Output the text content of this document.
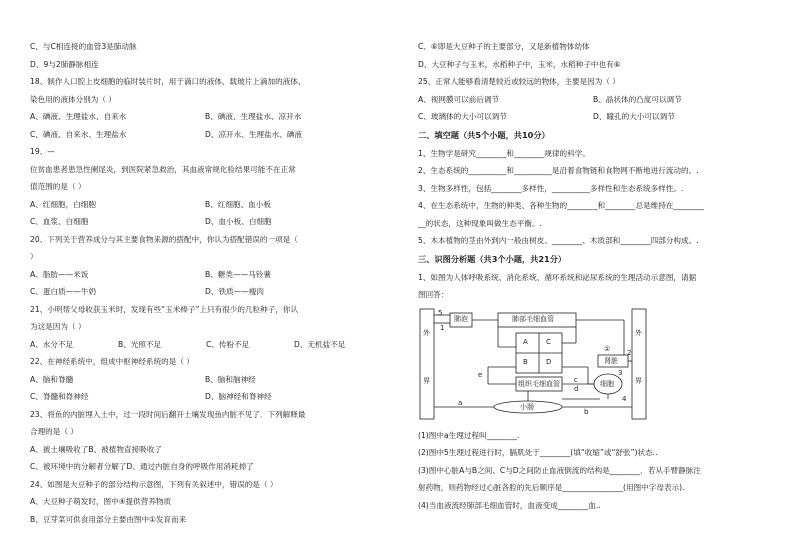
C、与C相连接的血管3是肺动脉
D、9与2肺静脉相连
18、制作人口腔上皮细胞的临时装片时，用于滴口的液体、载玻片上滴加的液体、
染色用的液体分别为（ ）
A、碘液、生理盐水、自来水	B、碘液、生理盐水、凉开水
C、碘液、自来水、生理盐水	D、凉开水、生理盐水、碘液
19、—
位贫血患者患急性阑尾炎，到医院紧急救治，其血液常规化验结果可能不在正常
值范围的是（ ）
A、红细胞，白细胞	B、红细胞、血小板
C、血浆、白细胞	D、血小板、白细胞
20、下列关于营养成分与其主要食物来源的搭配中，你认为搭配错误的一项是（
）
A、脂肪——米饭	B、糖类——马铃薯
C、蛋白质——牛奶	D、铁质——瘦肉
21、小明帮父母收获玉米时，发现有些“玉米棒子”上只有很少的几粒种子，你认
为这是因为（ ）
A、水分不足	B、光照不足	C、传粉不足	D、无机盐不足
22、在神经系统中，组成中枢神经系统的是（ ）
A、脑和脊髓	B、脑和脑神经
C、脊髓和脊神经	D、脑神经和脊神经
23、将鱼的内脏埋入土中，过一段时间后翻开土壤发现鱼内脏不见了．下列解释最
合理的是（ ）
A、被土壤吸收了B、被植物直接吸收了
C、被环境中的分解者分解了D、通过内脏自身的呼吸作用消耗掉了
24、如图是大豆种子的部分结构示意图，下列有关叙述中，错误的是（ ）
A、大豆种子萌发时，图中④提供营养物质
B、豆芽菜可供食用部分主要由图中①发育而来
C、⑥即是大豆种子的主要部分，又是新植物体幼体
D、大豆种子与玉米，水稻种子中，玉米，水稻种子中也有⑥
25、正常人能够看清楚较近或较远的物体，主要是因为（ ）
A、视网膜可以前后调节	B、晶状体的凸度可以调节
C、玻璃体的大小可以调节	D、瞳孔的大小可以调节
二、填空题（共5个小题，共10分）
1、生物学是研究________和________规律的科学。
2、生态系统的__________和__________是沿着食物链和食物网不断地进行流动的。.
3、生物多样性，包括________多样性，__________多样性和生态系统多样性。.
4、在生态系统中，生物的种类、各种生物的________和________总是维持在________
__的状态，这种现象叫做生态平衡。.
5、木本植物的茎由外到内一般由树皮、________、木质部和________四部分构成。.
三、识图分析题（共3个小题，共21分）
1、如图为人体呼吸系统、消化系统、循环系统和泌尿系统的生理活动示意图，请据
图回答：
外
界
外
界
肺泡	肺部毛细血管
A	C
B	D
①
肾脏
组织毛细血管	细胞
小肠
5
1
2
3
4
a
b
c
d
e
(1)图中a生理过程叫________.
(2)图中5生理过程进行时，膈肌处于________(填“收缩”或“舒张”)状态..
(3)图中心脏A与B之间、C与D之间防止血液倒流的结构是________．若从手臂静脉注
射药物，则药物经过心脏各腔的先后顺序是________________(用图中字母表示).
(4)当血液流经肺部毛细血管时，血液变成________血..
